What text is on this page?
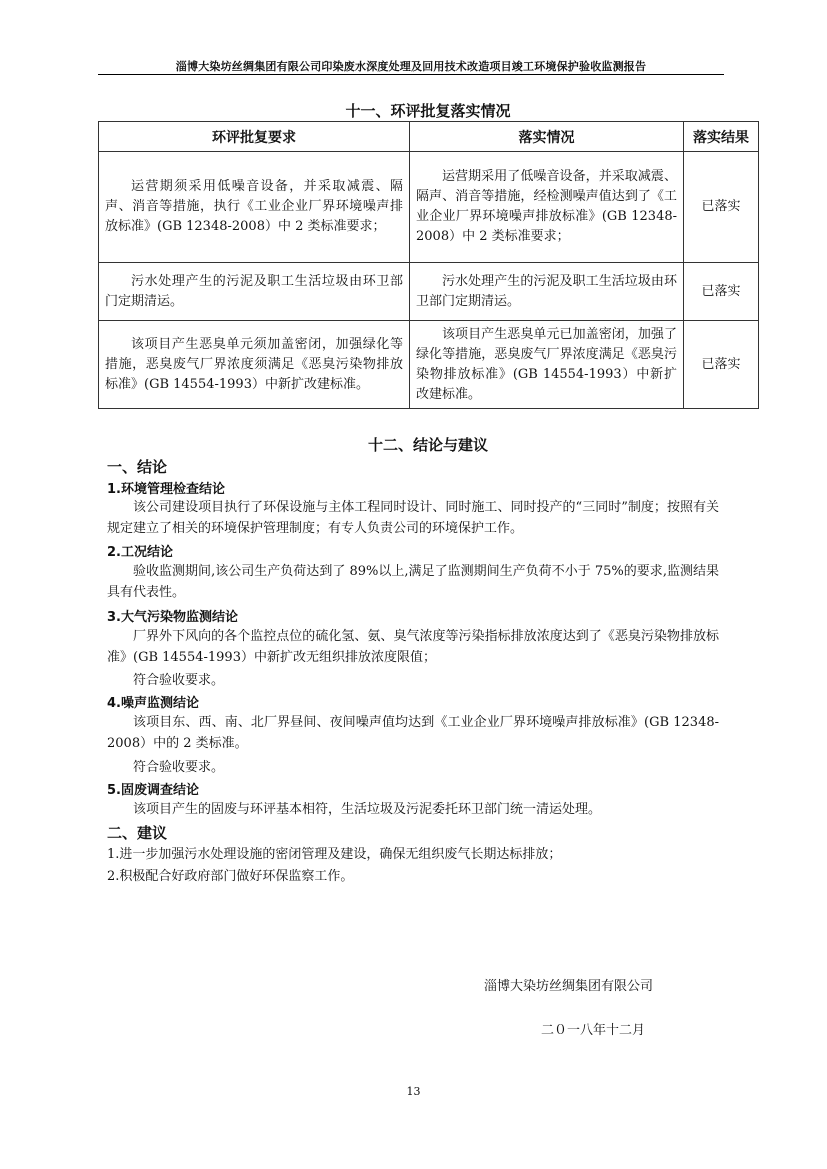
淄博大染坊丝绸集团有限公司印染废水深度处理及回用技术改造项目竣工环境保护验收监测报告
十一、环评批复落实情况
环评批复要求	落实情况	落实结果
运营期须采用低噪音设备，并采取减震、隔声、消音等措施，执行《工业企业厂界环境噪声排放标准》(GB 12348-2008）中 2 类标准要求；	运营期采用了低噪音设备，并采取减震、隔声、消音等措施，经检测噪声值达到了《工业企业厂界环境噪声排放标准》(GB 12348-2008）中 2 类标准要求；	已落实
污水处理产生的污泥及职工生活垃圾由环卫部门定期清运。	污水处理产生的污泥及职工生活垃圾由环卫部门定期清运。	已落实
该项目产生恶臭单元须加盖密闭，加强绿化等措施，恶臭废气厂界浓度须满足《恶臭污染物排放标准》(GB 14554-1993）中新扩改建标准。	该项目产生恶臭单元已加盖密闭，加强了绿化等措施，恶臭废气厂界浓度满足《恶臭污染物排放标准》(GB 14554-1993）中新扩改建标准。	已落实
十二、结论与建议
一、结论
1.环境管理检查结论
该公司建设项目执行了环保设施与主体工程同时设计、同时施工、同时投产的“三同时”制度；按照有关规定建立了相关的环境保护管理制度；有专人负责公司的环境保护工作。
2.工况结论
验收监测期间,该公司生产负荷达到了 89%以上,满足了监测期间生产负荷不小于 75%的要求,监测结果具有代表性。
3.大气污染物监测结论
厂界外下风向的各个监控点位的硫化氢、氨、臭气浓度等污染指标排放浓度达到了《恶臭污染物排放标准》(GB 14554-1993）中新扩改无组织排放浓度限值；
符合验收要求。
4.噪声监测结论
该项目东、西、南、北厂界昼间、夜间噪声值均达到《工业企业厂界环境噪声排放标准》(GB 12348-2008）中的 2 类标准。
符合验收要求。
5.固废调查结论
该项目产生的固废与环评基本相符，生活垃圾及污泥委托环卫部门统一清运处理。
二、建议
1.进一步加强污水处理设施的密闭管理及建设，确保无组织废气长期达标排放；
2.积极配合好政府部门做好环保监察工作。
淄博大染坊丝绸集团有限公司
二０一八年十二月
13
